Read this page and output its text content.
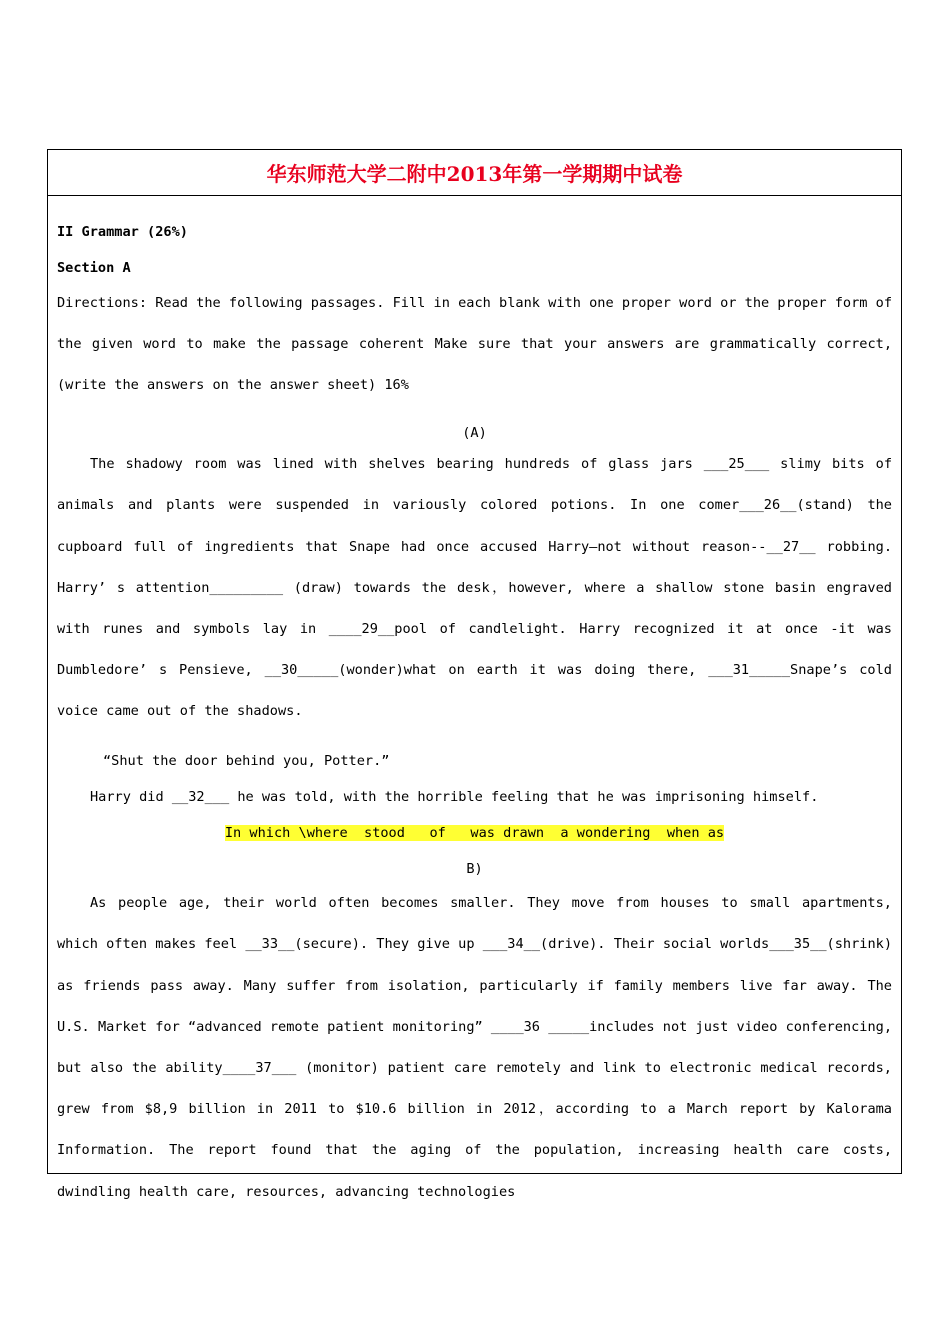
华东师范大学二附中2013年第一学期期中试卷

II Grammar (26%)

Section A

Directions: Read the following passages. Fill in each blank with one proper word or the proper form of the given word to make the passage coherent Make sure that your answers are grammatically correct, (write the answers on the answer sheet) 16%

(A)

The shadowy room was lined with shelves bearing hundreds of glass jars ___25___ slimy bits of animals and plants were suspended in variously colored potions. In one comer___26__(stand) the cupboard full of ingredients that Snape had once accused Harry—not without reason--__27__ robbing. Harry’ s attention_________ (draw) towards the desk，however, where a shallow stone basin engraved with runes and symbols lay in ____29__pool of candlelight. Harry recognized it at once -it was Dumbledore’ s Pensieve, __30_____(wonder)what on earth it was doing there, ___31_____Snape’s cold voice came out of the shadows.

“Shut the door behind you, Potter.”

Harry did __32___ he was told, with the horrible feeling that he was imprisoning himself.

In which \where  stood   of   was drawn  a wondering  when as

B)

As people age, their world often becomes smaller. They move from houses to small apartments, which often makes feel __33__(secure). They give up ___34__(drive). Their social worlds___35__(shrink) as friends pass away. Many suffer from isolation, particularly if family members live far away. The U.S. Market for “advanced remote patient monitoring” ____36 _____includes not just video conferencing, but also the ability____37___ (monitor) patient care remotely and link to electronic medical records, grew from $8,9 billion in 2011 to $10.6 billion in 2012，according to a March report by Kalorama Information. The report found that the aging of the population, increasing health care costs, dwindling health care, resources, advancing technologies
